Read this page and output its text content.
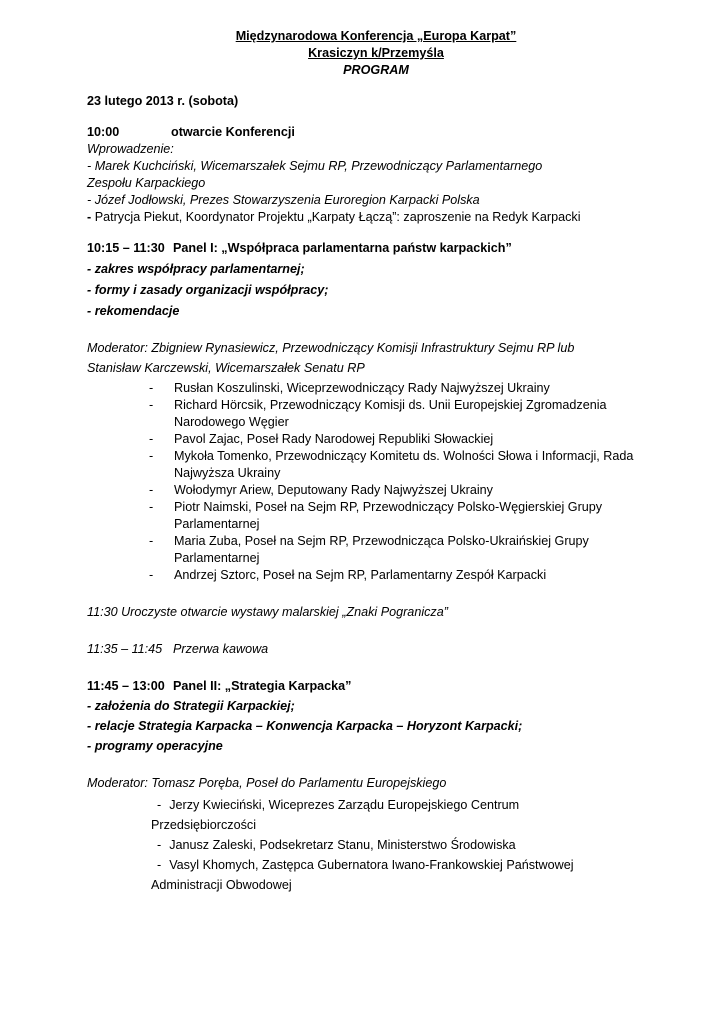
Międzynarodowa Konferencja „Europa Karpat”
Krasiczyn k/Przemyśla
PROGRAM
23 lutego 2013 r. (sobota)
10:00	otwarcie Konferencji
Wprowadzenie:
- Marek Kuchciński, Wicemarszałek Sejmu RP, Przewodniczący Parlamentarnego Zespołu Karpackiego
- Józef Jodłowski, Prezes Stowarzyszenia Euroregion Karpacki Polska
- Patrycja Piekut, Koordynator Projektu „Karpaty Łączą”: zaproszenie na Redyk Karpacki
10:15 – 11:30 Panel I: „Współpraca parlamentarna państw karpackich”
- zakres współpracy parlamentarnej;
- formy i zasady organizacji współpracy;
- rekomendacje
Moderator: Zbigniew Rynasiewicz, Przewodniczący Komisji Infrastruktury Sejmu RP lub
Stanisław Karczewski, Wicemarszałek Senatu RP
- Rusłan Koszulinski, Wiceprzewodniczący Rady Najwyższej Ukrainy
- Richard Hörcsik, Przewodniczący Komisji ds. Unii Europejskiej Zgromadzenia Narodowego Węgier
- Pavol Zajac, Poseł Rady Narodowej Republiki Słowackiej
- Mykoła Tomenko, Przewodniczący Komitetu ds. Wolności Słowa i Informacji, Rada Najwyższa Ukrainy
- Wołodymyr Ariew, Deputowany Rady Najwyższej Ukrainy
- Piotr Naimski, Poseł na Sejm RP, Przewodniczący Polsko-Węgierskiej Grupy Parlamentarnej
- Maria Zuba, Poseł na Sejm RP, Przewodnicząca Polsko-Ukraińskiej Grupy Parlamentarnej
- Andrzej Sztorc, Poseł na Sejm RP, Parlamentarny Zespół Karpacki
11:30 Uroczyste otwarcie wystawy malarskiej „Znaki Pogranicza”
11:35 – 11:45 Przerwa kawowa
11:45 – 13:00 Panel II: „Strategia Karpacka”
- założenia do Strategii Karpackiej;
- relacje Strategia Karpacka – Konwencja Karpacka – Horyzont Karpacki;
- programy operacyjne
Moderator: Tomasz Poręba, Poseł do Parlamentu Europejskiego
- Jerzy Kwieciński, Wiceprezes Zarządu Europejskiego Centrum Przedsiębiorczości
- Janusz Zaleski, Podsekretarz Stanu, Ministerstwo Środowiska
- Vasyl Khomych, Zastępca Gubernatora Iwano-Frankowskiej Państwowej Administracji Obwodowej
